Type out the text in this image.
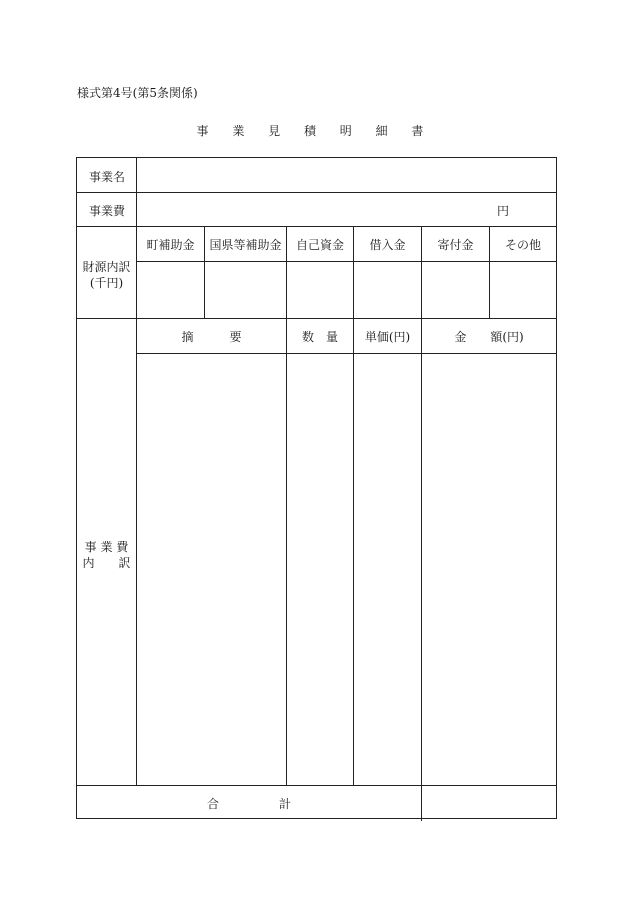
様式第4号(第5条関係)
事 業 見 積 明 細 書
事業名
事業費	円
財源内訳
(千円)
町補助金	国県等補助金	自己資金	借入金	寄付金	その他
事 業 費
内　　訳
摘　　　要	数　量	単価(円)	金　　額(円)
合　　　　　計
